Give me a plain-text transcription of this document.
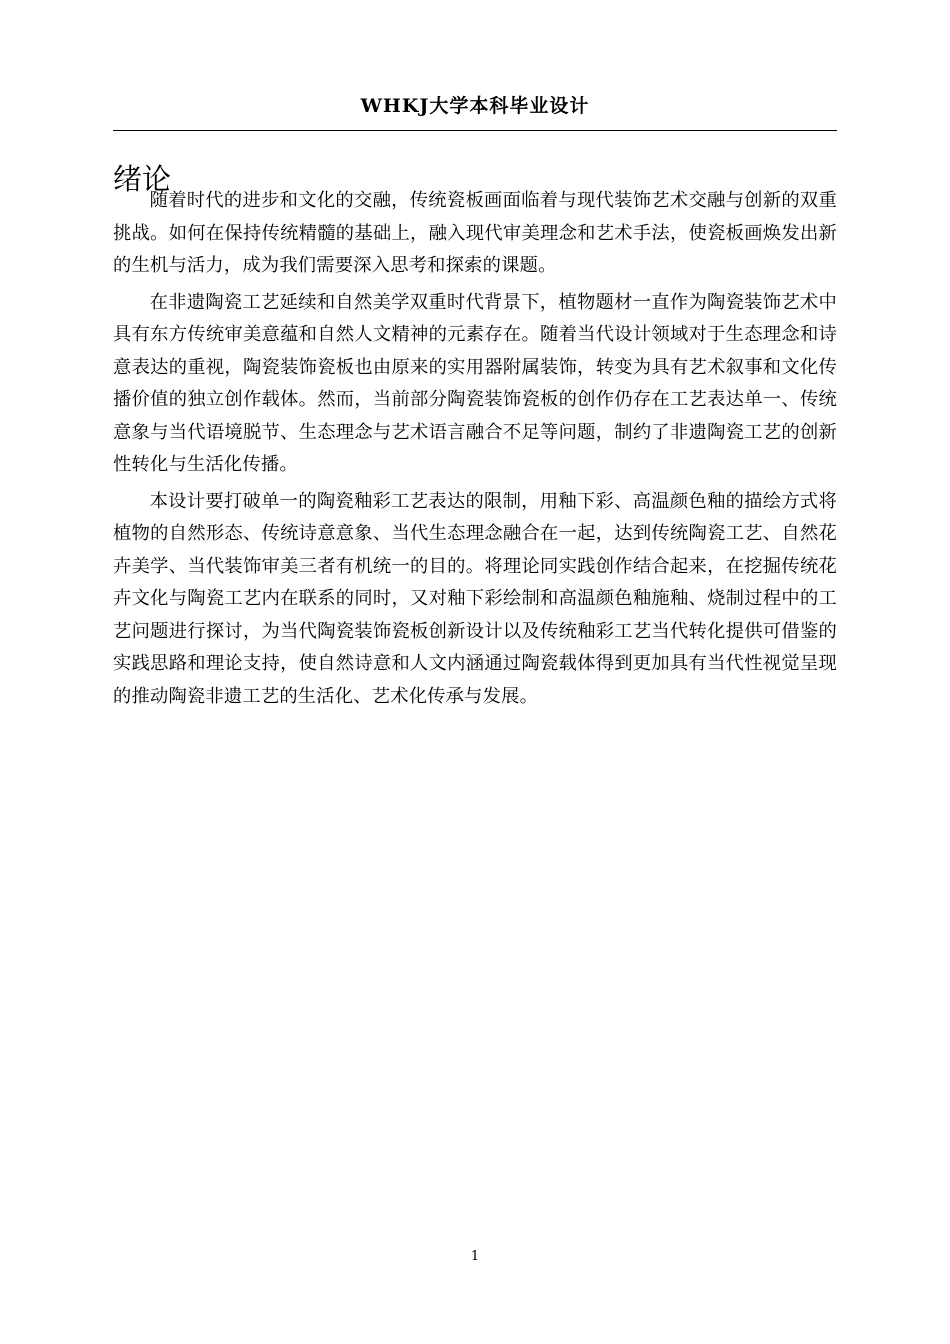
WHKJ大学本科毕业设计
绪论

随着时代的进步和文化的交融，传统瓷板画面临着与现代装饰艺术交融与创新的双重挑战。如何在保持传统精髓的基础上，融入现代审美理念和艺术手法，使瓷板画焕发出新的生机与活力，成为我们需要深入思考和探索的课题。

在非遗陶瓷工艺延续和自然美学双重时代背景下，植物题材一直作为陶瓷装饰艺术中具有东方传统审美意蕴和自然人文精神的元素存在。随着当代设计领域对于生态理念和诗意表达的重视，陶瓷装饰瓷板也由原来的实用器附属装饰，转变为具有艺术叙事和文化传播价值的独立创作载体。然而，当前部分陶瓷装饰瓷板的创作仍存在工艺表达单一、传统意象与当代语境脱节、生态理念与艺术语言融合不足等问题，制约了非遗陶瓷工艺的创新性转化与生活化传播。

本设计要打破单一的陶瓷釉彩工艺表达的限制，用釉下彩、高温颜色釉的描绘方式将植物的自然形态、传统诗意意象、当代生态理念融合在一起，达到传统陶瓷工艺、自然花卉美学、当代装饰审美三者有机统一的目的。将理论同实践创作结合起来，在挖掘传统花卉文化与陶瓷工艺内在联系的同时，又对釉下彩绘制和高温颜色釉施釉、烧制过程中的工艺问题进行探讨，为当代陶瓷装饰瓷板创新设计以及传统釉彩工艺当代转化提供可借鉴的实践思路和理论支持，使自然诗意和人文内涵通过陶瓷载体得到更加具有当代性视觉呈现的推动陶瓷非遗工艺的生活化、艺术化传承与发展。

1
